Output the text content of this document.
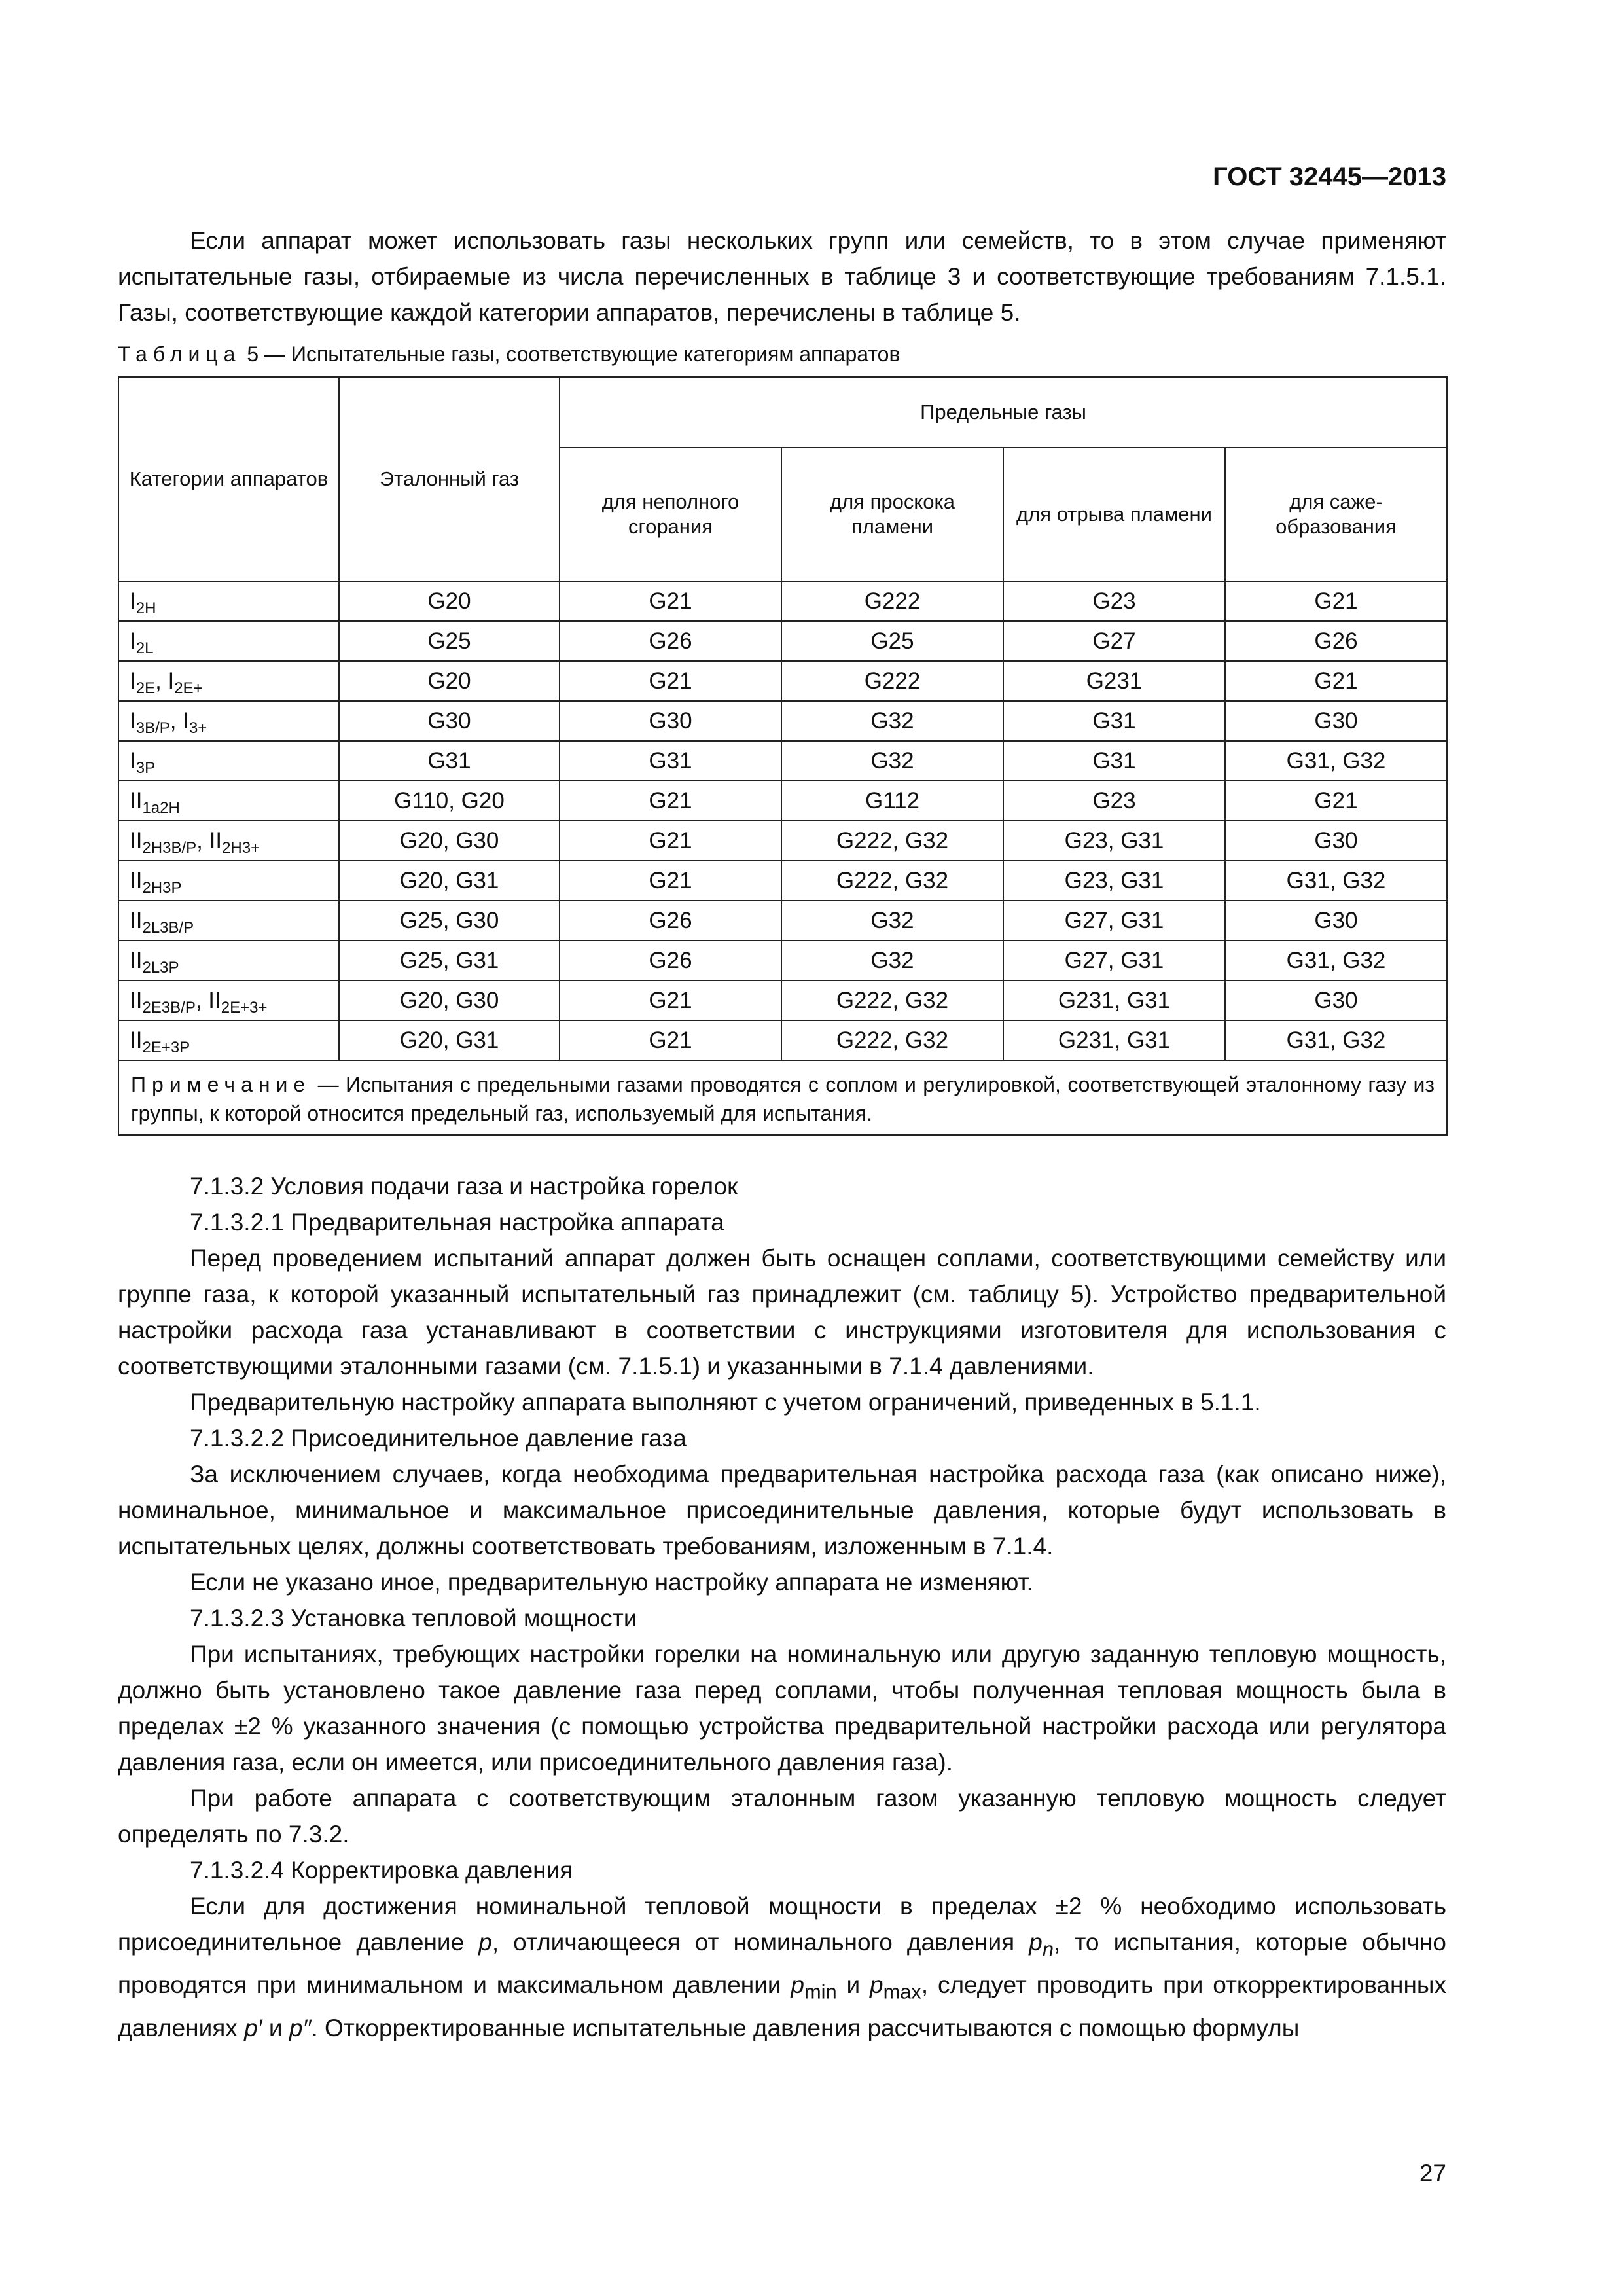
ГОСТ 32445—2013

Если аппарат может использовать газы нескольких групп или семейств, то в этом случае применяют испытательные газы, отбираемые из числа перечисленных в таблице 3 и соответствующие требованиям 7.1.5.1. Газы, соответствующие каждой категории аппаратов, перечислены в таблице 5.

Таблица 5 — Испытательные газы, соответствующие категориям аппаратов
Категории аппаратов	Эталонный газ	Предельные газы			
		для неполного сгорания	для проскока пламени	для отрыва пламени	для саже-образования
$I_{2H}$	G20	G21	G222	G23	G21
$I_{2L}$	G25	G26	G25	G27	G26
$I_{2E}$, $I_{2E+}$	G20	G21	G222	G231	G21
$I_{3B/P}$, $I_{3+}$	G30	G30	G32	G31	G30
$I_{3P}$	G31	G31	G32	G31	G31, G32
$II_{1a2H}$	G110, G20	G21	G112	G23	G21
$II_{2H3B/P}$, $II_{2H3+}$	G20, G30	G21	G222, G32	G23, G31	G30
$II_{2H3P}$	G20, G31	G21	G222, G32	G23, G31	G31, G32
$II_{2L3B/P}$	G25, G30	G26	G32	G27, G31	G30
$II_{2L3P}$	G25, G31	G26	G32	G27, G31	G31, G32
$II_{2E3B/P}$, $II_{2E+3+}$	G20, G30	G21	G222, G32	G231, G31	G30
$II_{2E+3P}$	G20, G31	G21	G222, G32	G231, G31	G31, G32
Примечание — Испытания с предельными газами проводятся с соплом и регулировкой, соответствующей эталонному газу из группы, к которой относится предельный газ, используемый для испытания.					

7.1.3.2 Условия подачи газа и настройка горелок

7.1.3.2.1 Предварительная настройка аппарата

Перед проведением испытаний аппарат должен быть оснащен соплами, соответствующими семейству или группе газа, к которой указанный испытательный газ принадлежит (см. таблицу 5). Устройство предварительной настройки расхода газа устанавливают в соответствии с инструкциями изготовителя для использования с соответствующими эталонными газами (см. 7.1.5.1) и указанными в 7.1.4 давлениями.

Предварительную настройку аппарата выполняют с учетом ограничений, приведенных в 5.1.1.

7.1.3.2.2 Присоединительное давление газа

За исключением случаев, когда необходима предварительная настройка расхода газа (как описано ниже), номинальное, минимальное и максимальное присоединительные давления, которые будут использовать в испытательных целях, должны соответствовать требованиям, изложенным в 7.1.4.

Если не указано иное, предварительную настройку аппарата не изменяют.

7.1.3.2.3 Установка тепловой мощности

При испытаниях, требующих настройки горелки на номинальную или другую заданную тепловую мощность, должно быть установлено такое давление газа перед соплами, чтобы полученная тепловая мощность была в пределах ±2 % указанного значения (с помощью устройства предварительной настройки расхода или регулятора давления газа, если он имеется, или присоединительного давления газа).

При работе аппарата с соответствующим эталонным газом указанную тепловую мощность следует определять по 7.3.2.

7.1.3.2.4 Корректировка давления

Если для достижения номинальной тепловой мощности в пределах ±2 % необходимо использовать присоединительное давление p, отличающееся от номинального давления $p_n$, то испытания, которые обычно проводятся при минимальном и максимальном давлении $p_{min}$ и $p_{max}$, следует проводить при откорректированных давлениях p′ и p″. Откорректированные испытательные давления рассчитываются с помощью формулы

27
